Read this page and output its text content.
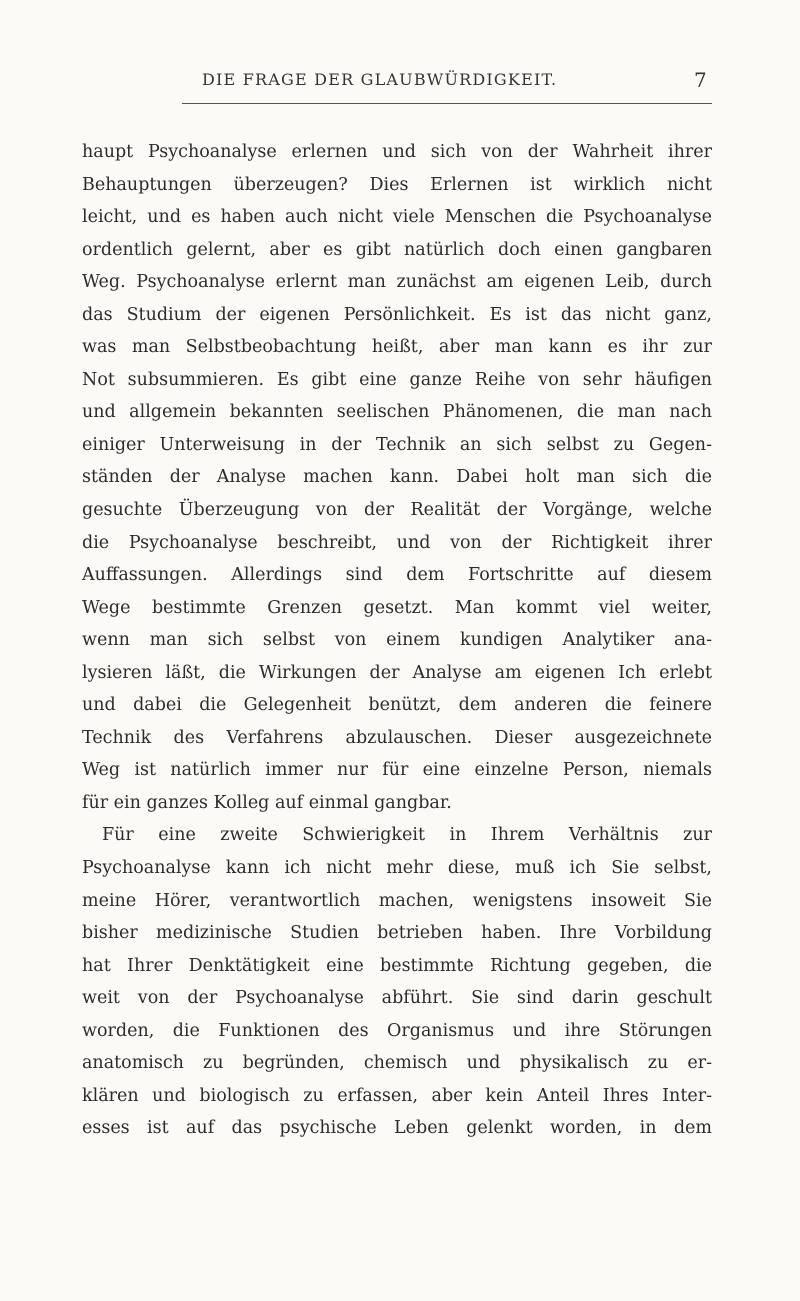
DIE FRAGE DER GLAUBWÜRDIGKEIT.	7
haupt Psychoanalyse erlernen und sich von der Wahrheit ihrer
Behauptungen überzeugen? Dies Erlernen ist wirklich nicht
leicht, und es haben auch nicht viele Menschen die Psychoanalyse
ordentlich gelernt, aber es gibt natürlich doch einen gangbaren
Weg. Psychoanalyse erlernt man zunächst am eigenen Leib, durch
das Studium der eigenen Persönlichkeit. Es ist das nicht ganz,
was man Selbstbeobachtung heißt, aber man kann es ihr zur
Not subsummieren. Es gibt eine ganze Reihe von sehr häufigen
und allgemein bekannten seelischen Phänomenen, die man nach
einiger Unterweisung in der Technik an sich selbst zu Gegen-
ständen der Analyse machen kann. Dabei holt man sich die
gesuchte Überzeugung von der Realität der Vorgänge, welche
die Psychoanalyse beschreibt, und von der Richtigkeit ihrer
Auffassungen. Allerdings sind dem Fortschritte auf diesem
Wege bestimmte Grenzen gesetzt. Man kommt viel weiter,
wenn man sich selbst von einem kundigen Analytiker ana-
lysieren läßt, die Wirkungen der Analyse am eigenen Ich erlebt
und dabei die Gelegenheit benützt, dem anderen die feinere
Technik des Verfahrens abzulauschen. Dieser ausgezeichnete
Weg ist natürlich immer nur für eine einzelne Person, niemals
für ein ganzes Kolleg auf einmal gangbar.
Für eine zweite Schwierigkeit in Ihrem Verhältnis zur
Psychoanalyse kann ich nicht mehr diese, muß ich Sie selbst,
meine Hörer, verantwortlich machen, wenigstens insoweit Sie
bisher medizinische Studien betrieben haben. Ihre Vorbildung
hat Ihrer Denktätigkeit eine bestimmte Richtung gegeben, die
weit von der Psychoanalyse abführt. Sie sind darin geschult
worden, die Funktionen des Organismus und ihre Störungen
anatomisch zu begründen, chemisch und physikalisch zu er-
klären und biologisch zu erfassen, aber kein Anteil Ihres Inter-
esses ist auf das psychische Leben gelenkt worden, in dem
